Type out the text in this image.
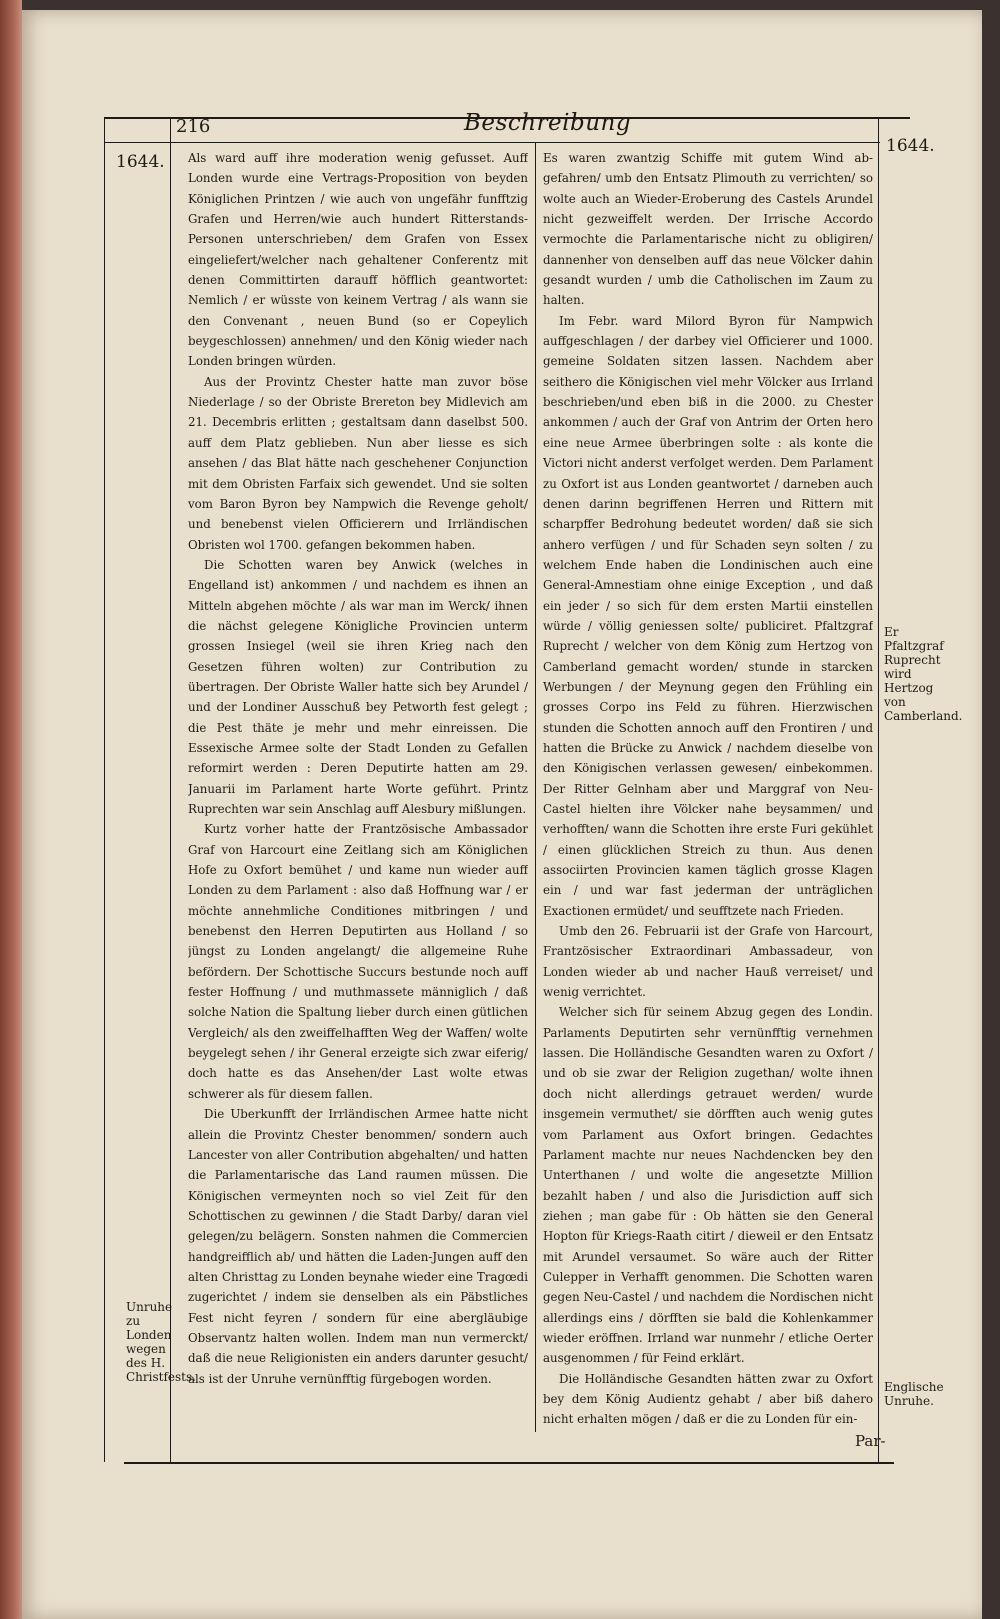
216	Beschreibung
1644.
1644.
Unruhe zu Londen wegen des H. Christfests.
Er Pfaltzgraf Ruprecht wird Hertzog von Camberland.
Englische Unruhe.

Als ward auff ihre moderation wenig gefusset. Auff Londen wurde eine Vertrags-Proposition von beyden Königlichen Printzen / wie auch von ungefähr funfftzig Grafen und Herren/wie auch hundert Ritterstands-Personen unterschrieben/ dem Grafen von Essex eingeliefert/welcher nach gehaltener Conferentz mit denen Committirten darauff höfflich geantwortet: Nemlich / er wüsste von keinem Vertrag / als wann sie den Convenant , neuen Bund (so er Copeylich beygeschlossen) annehmen/ und den König wieder nach Londen bringen würden.

Aus der Provintz Chester hatte man zuvor böse Niederlage / so der Obriste Brereton bey Midlevich am 21. Decembris erlitten ; gestaltsam dann daselbst 500. auff dem Platz geblieben. Nun aber liesse es sich ansehen / das Blat hätte nach geschehener Conjunction mit dem Obristen Farfaix sich gewendet. Und sie solten vom Baron Byron bey Nampwich die Revenge geholt/ und benebenst vielen Officierern und Irrländischen Obristen wol 1700. gefangen bekommen haben.

Die Schotten waren bey Anwick (welches in Engelland ist) ankommen / und nachdem es ihnen an Mitteln abgehen möchte / als war man im Werck/ ihnen die nächst gelegene Königliche Provincien unterm grossen Insiegel (weil sie ihren Krieg nach den Gesetzen führen wolten) zur Contribution zu übertragen. Der Obriste Waller hatte sich bey Arundel / und der Londiner Ausschuß bey Petworth fest gelegt ; die Pest thäte je mehr und mehr einreissen. Die Essexische Armee solte der Stadt Londen zu Gefallen reformirt werden : Deren Deputirte hatten am 29. Januarii im Parlament harte Worte geführt. Printz Ruprechten war sein Anschlag auff Alesbury mißlungen.

Kurtz vorher hatte der Frantzösische Ambassador Graf von Harcourt eine Zeitlang sich am Königlichen Hofe zu Oxfort bemühet / und kame nun wieder auff Londen zu dem Parlament : also daß Hoffnung war / er möchte annehmliche Conditiones mitbringen / und benebenst den Herren Deputirten aus Holland / so jüngst zu Londen angelangt/ die allgemeine Ruhe befördern. Der Schottische Succurs bestunde noch auff fester Hoffnung / und muthmassete männiglich / daß solche Nation die Spaltung lieber durch einen gütlichen Vergleich/ als den zweiffelhafften Weg der Waffen/ wolte beygelegt sehen / ihr General erzeigte sich zwar eiferig/ doch hatte es das Ansehen/der Last wolte etwas schwerer als für diesem fallen.

Die Uberkunfft der Irrländischen Armee hatte nicht allein die Provintz Chester benommen/ sondern auch Lancester von aller Contribution abgehalten/ und hatten die Parlamentarische das Land raumen müssen. Die Königischen vermeynten noch so viel Zeit für den Schottischen zu gewinnen / die Stadt Darby/ daran viel gelegen/zu belägern. Sonsten nahmen die Commercien handgreifflich ab/ und hätten die Laden-Jungen auff den alten Christtag zu Londen beynahe wieder eine Tragœdi zugerichtet / indem sie denselben als ein Päbstliches Fest nicht feyren / sondern für eine abergläubige Observantz halten wollen. Indem man nun vermerckt/ daß die neue Religionisten ein anders darunter gesucht/ als ist der Unruhe vernünfftig fürgebogen worden.

Es waren zwantzig Schiffe mit gutem Wind ab- gefahren/ umb den Entsatz Plimouth zu verrichten/ so wolte auch an Wieder-Eroberung des Castels Arundel nicht gezweiffelt werden. Der Irrische Accordo vermochte die Parlamentarische nicht zu obligiren/ dannenher von denselben auff das neue Völcker dahin gesandt wurden / umb die Catholischen im Zaum zu halten.

Im Febr. ward Milord Byron für Nampwich auffgeschlagen / der darbey viel Officierer und 1000. gemeine Soldaten sitzen lassen. Nachdem aber seithero die Königischen viel mehr Völcker aus Irrland beschrieben/und eben biß in die 2000. zu Chester ankommen / auch der Graf von Antrim der Orten hero eine neue Armee überbringen solte : als konte die Victori nicht anderst verfolget werden. Dem Parlament zu Oxfort ist aus Londen geantwortet / darneben auch denen darinn begriffenen Herren und Rittern mit scharpffer Bedrohung bedeutet worden/ daß sie sich anhero verfügen / und für Schaden seyn solten / zu welchem Ende haben die Londinischen auch eine General-Amnestiam ohne einige Exception , und daß ein jeder / so sich für dem ersten Martii einstellen würde / völlig geniessen solte/ publiciret. Pfaltzgraf Ruprecht / welcher von dem König zum Hertzog von Camberland gemacht worden/ stunde in starcken Werbungen / der Meynung gegen den Frühling ein grosses Corpo ins Feld zu führen. Hierzwischen stunden die Schotten annoch auff den Frontiren / und hatten die Brücke zu Anwick / nachdem dieselbe von den Königischen verlassen gewesen/ einbekommen. Der Ritter Gelnham aber und Marggraf von Neu-Castel hielten ihre Völcker nahe beysammen/ und verhofften/ wann die Schotten ihre erste Furi gekühlet / einen glücklichen Streich zu thun. Aus denen associirten Provincien kamen täglich grosse Klagen ein / und war fast jederman der unträglichen Exactionen ermüdet/ und seufftzete nach Frieden.

Umb den 26. Februarii ist der Grafe von Harcourt, Frantzösischer Extraordinari Ambassadeur, von Londen wieder ab und nacher Hauß verreiset/ und wenig verrichtet.

Welcher sich für seinem Abzug gegen des Londin. Parlaments Deputirten sehr vernünfftig vernehmen lassen. Die Holländische Gesandten waren zu Oxfort / und ob sie zwar der Religion zugethan/ wolte ihnen doch nicht allerdings getrauet werden/ wurde insgemein vermuthet/ sie dörfften auch wenig gutes vom Parlament aus Oxfort bringen. Gedachtes Parlament machte nur neues Nachdencken bey den Unterthanen / und wolte die angesetzte Million bezahlt haben / und also die Jurisdiction auff sich ziehen ; man gabe für : Ob hätten sie den General Hopton für Kriegs-Raath citirt / dieweil er den Entsatz mit Arundel versaumet. So wäre auch der Ritter Culepper in Verhafft genommen. Die Schotten waren gegen Neu-Castel / und nachdem die Nordischen nicht allerdings eins / dörfften sie bald die Kohlenkammer wieder eröffnen. Irrland war nunmehr / etliche Oerter ausgenommen / für Feind erklärt.

Die Holländische Gesandten hätten zwar zu Oxfort bey dem König Audientz gehabt / aber biß dahero nicht erhalten mögen / daß er die zu Londen für ein-

Par-
